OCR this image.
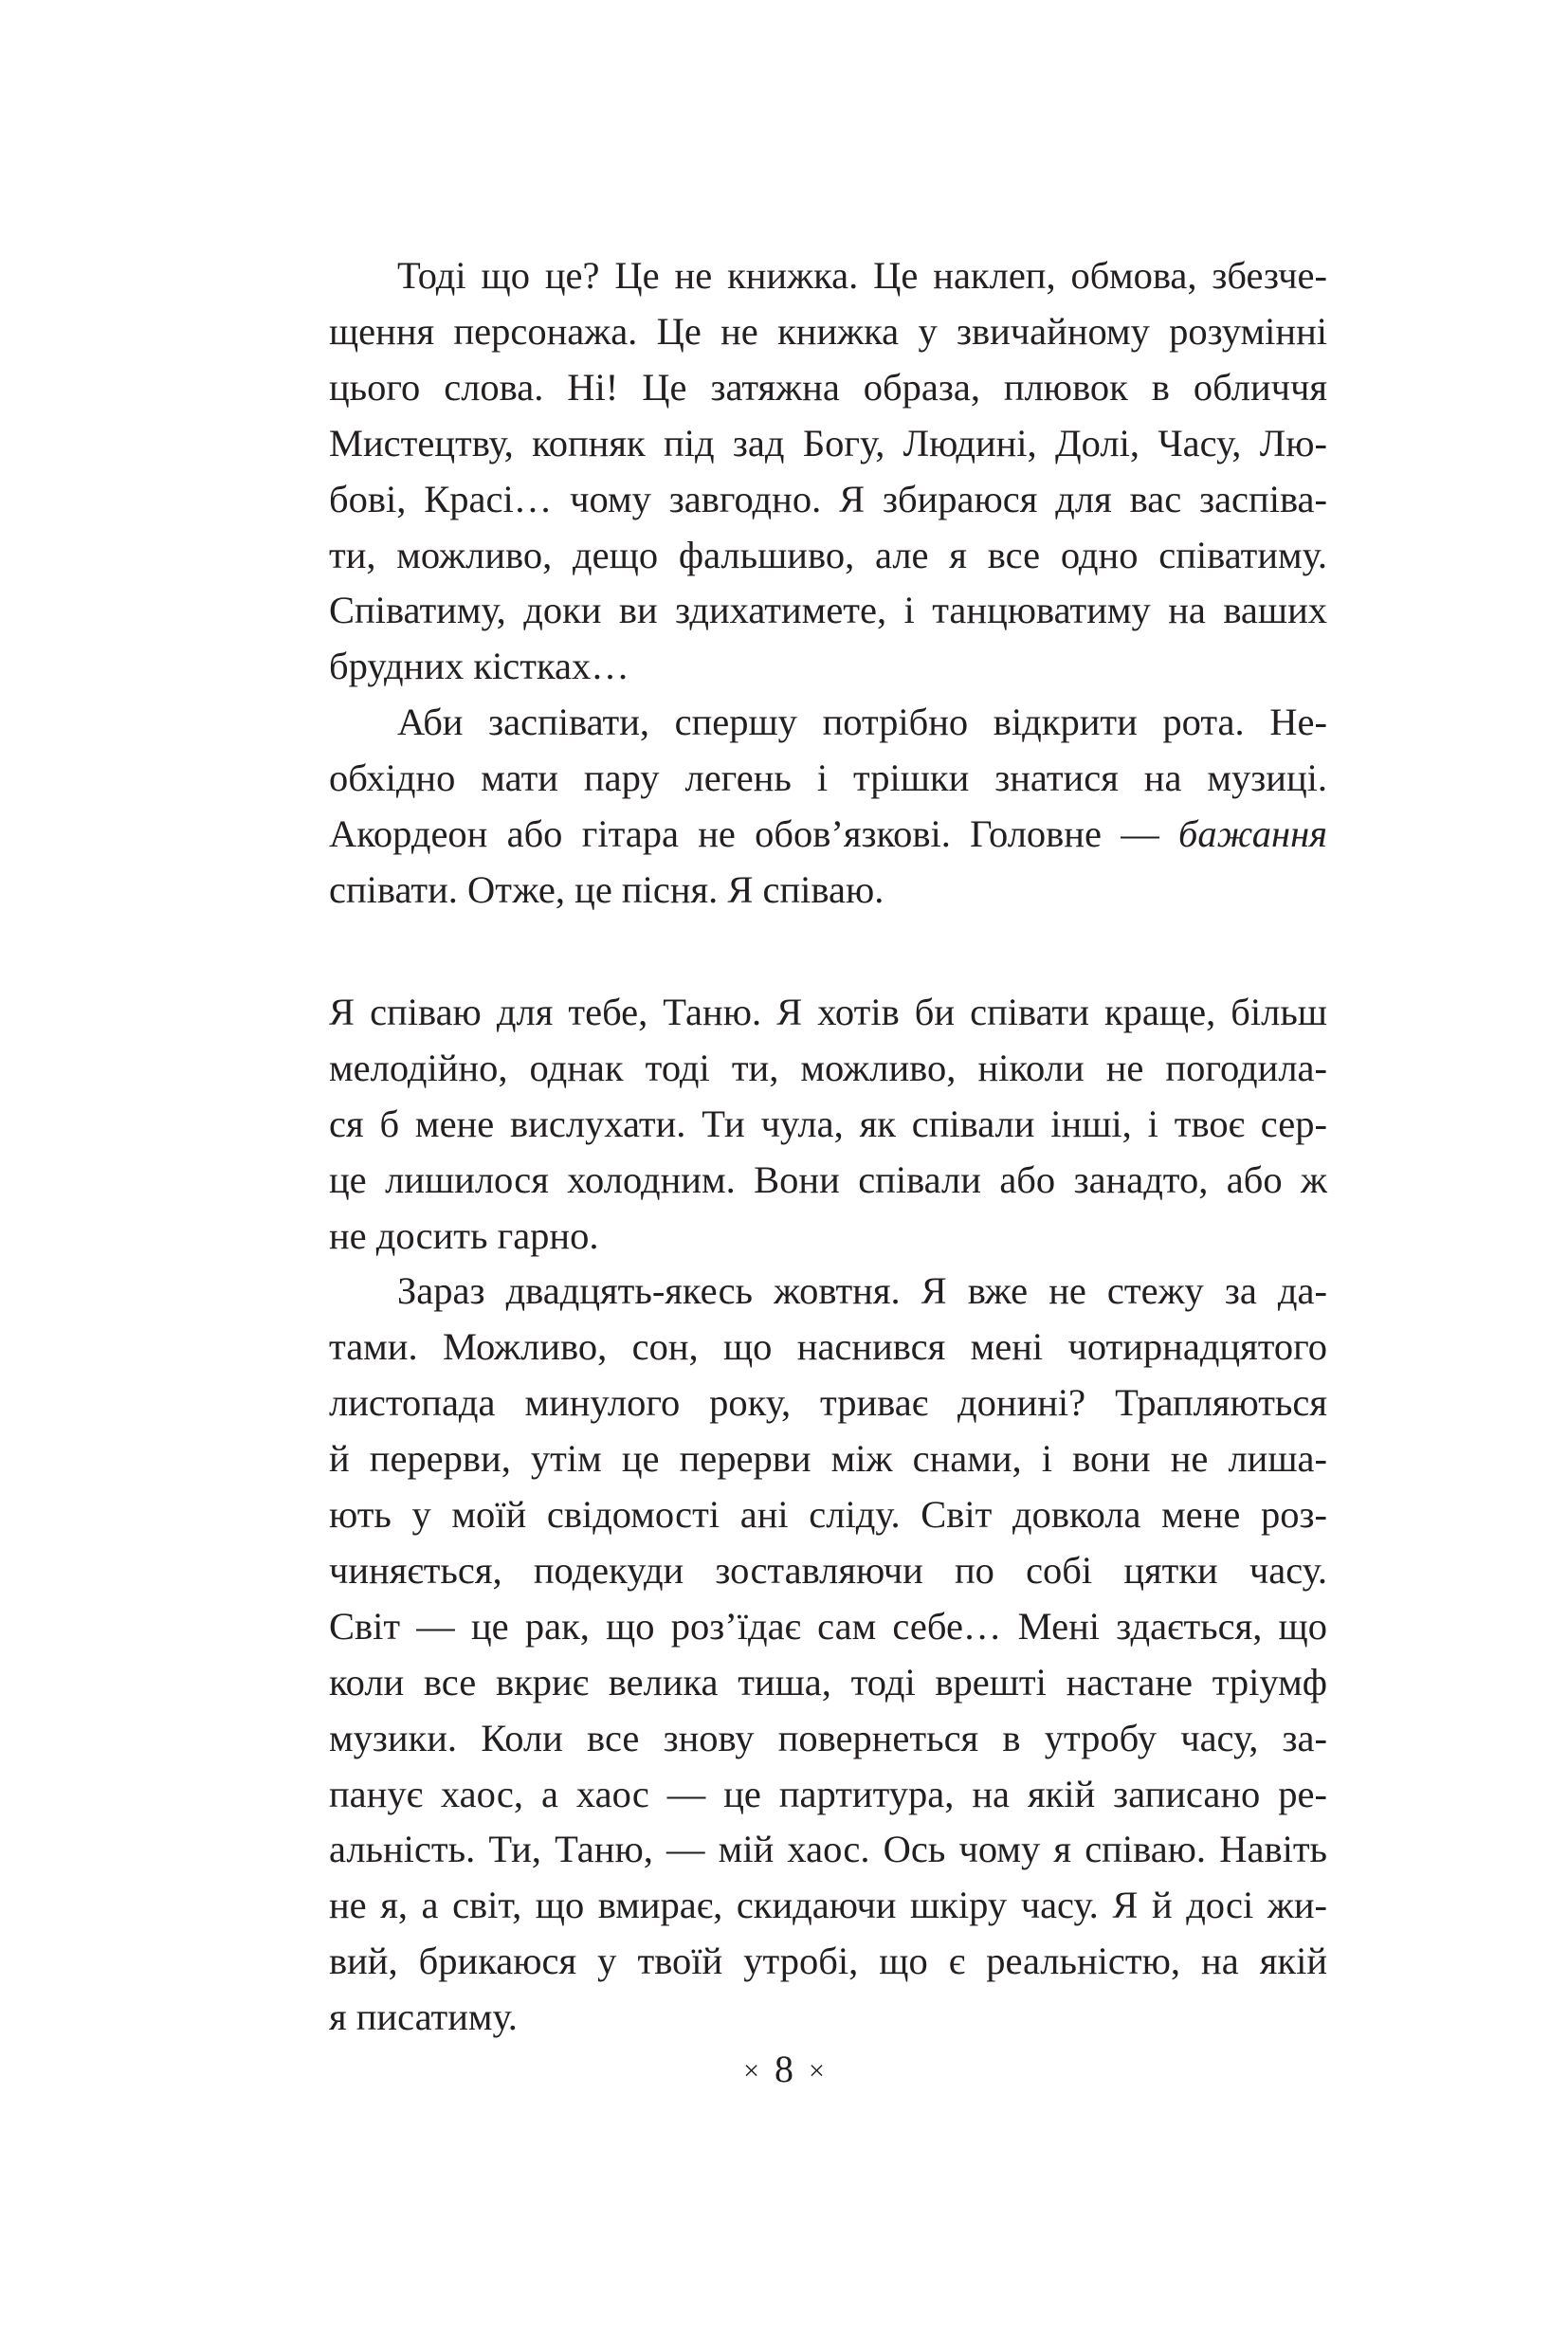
Тоді що це? Це не книжка. Це наклеп, обмова, збезче-
щення персонажа. Це не книжка у звичайному розумінні
цього слова. Ні! Це затяжна образа, плювок в обличчя
Мистецтву, копняк під зад Богу, Людині, Долі, Часу, Лю-
бові, Красі… чому завгодно. Я збираюся для вас заспіва-
ти, можливо, дещо фальшиво, але я все одно співатиму.
Співатиму, доки ви здихатимете, і танцюватиму на ваших
брудних кістках…
Аби заспівати, спершу потрібно відкрити рота. Не-
обхідно мати пару легень і трішки знатися на музиці.
Акордеон або гітара не обов’язкові. Головне — бажання
співати. Отже, це пісня. Я співаю.
Я співаю для тебе, Таню. Я хотів би співати краще, більш
мелодійно, однак тоді ти, можливо, ніколи не погодила-
ся б мене вислухати. Ти чула, як співали інші, і твоє сер-
це лишилося холодним. Вони співали або занадто, або ж
не досить гарно.
Зараз двадцять-якесь жовтня. Я вже не стежу за да-
тами. Можливо, сон, що наснився мені чотирнадцятого
листопада минулого року, триває донині? Трапляються
й перерви, утім це перерви між снами, і вони не лиша-
ють у моїй свідомості ані сліду. Світ довкола мене роз-
чиняється, подекуди зоставляючи по собі цятки часу.
Світ — це рак, що роз’їдає сам себе… Мені здається, що
коли все вкриє велика тиша, тоді врешті настане тріумф
музики. Коли все знову повернеться в утробу часу, за-
панує хаос, а хаос — це партитура, на якій записано ре-
альність. Ти, Таню, — мій хаос. Ось чому я співаю. Навіть
не я, а світ, що вмирає, скидаючи шкіру часу. Я й досі жи-
вий, брикаюся у твоїй утробі, що є реальністю, на якій
я писатиму.
× 8 ×
